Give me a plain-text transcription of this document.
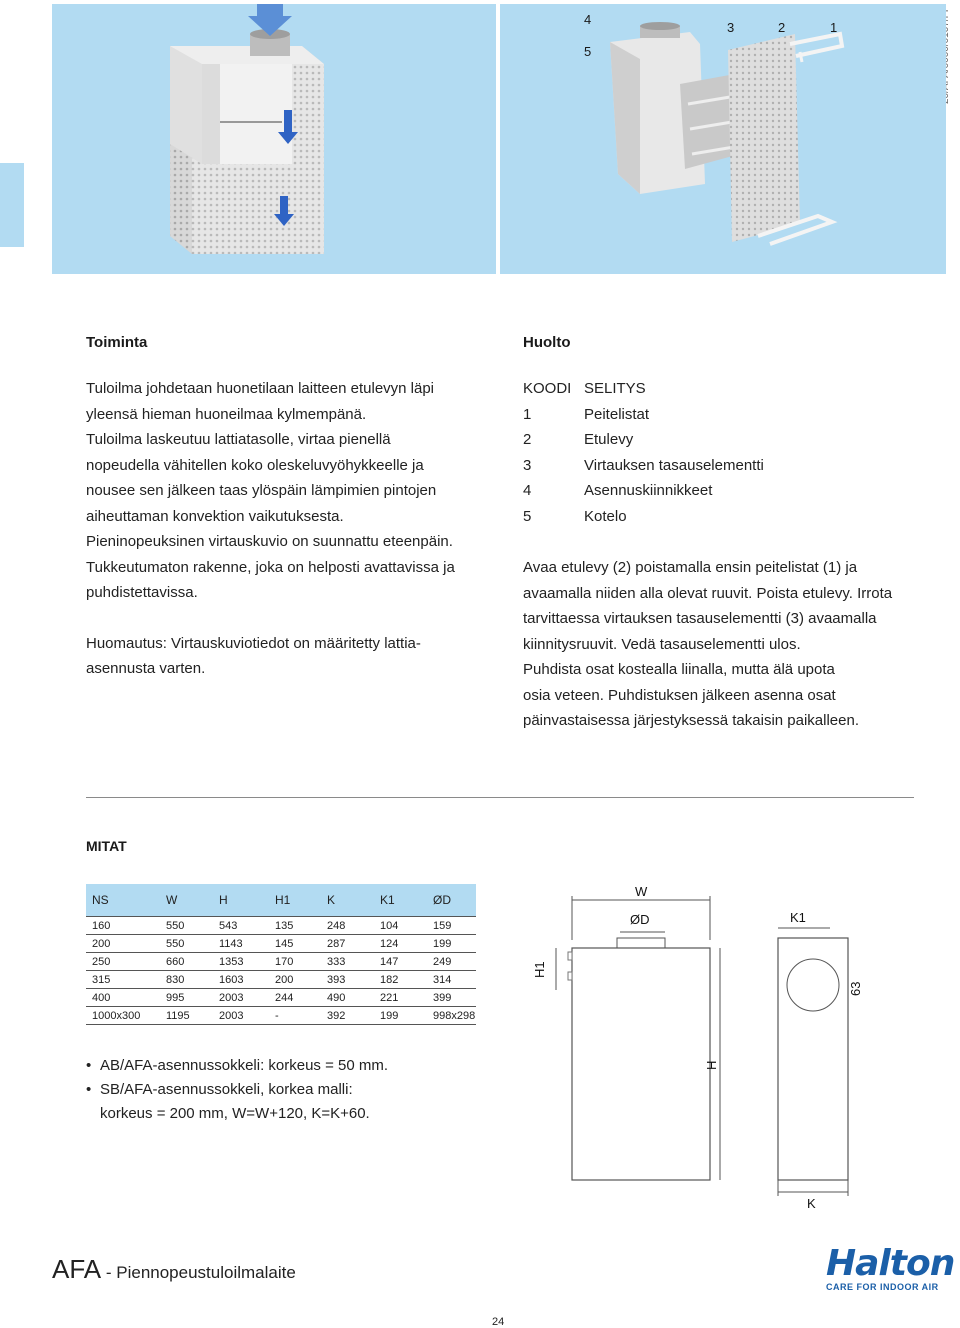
4
5
3	2	1
Toiminta

Tuloilma johdetaan huonetilaan laitteen etulevyn läpi

yleensä hieman huoneilmaa kylmempänä.

Tuloilma laskeutuu lattiatasolle, virtaa pienellä

nopeudella vähitellen koko oleskeluvyöhykkeelle ja

nousee sen jälkeen taas ylöspäin lämpimien pintojen

aiheuttaman konvektion vaikutuksesta.

Pieninopeuksinen virtauskuvio on suunnattu eteenpäin.

Tukkeutumaton rakenne, joka on helposti avattavissa ja

puhdistettavissa.

Huomautus: Virtauskuviotiedot on määritetty lattia-

asennusta varten.

Huolto
KOODI SELITYS
1	Peitelistat
2	Etulevy
3	Virtauksen tasauselementti
4	Asennuskiinnikkeet
5	Kotelo

Avaa etulevy (2) poistamalla ensin peitelistat (1) ja

avaamalla niiden alla olevat ruuvit. Poista etulevy. Irrota

tarvittaessa virtauksen tasauselementti (3) avaamalla

kiinnitysruuvit. Vedä tasauselementti ulos.

Puhdista osat kostealla liinalla, mutta älä upota

osia veteen. Puhdistuksen jälkeen asenna osat

päinvastaisessa järjestyksessä takaisin paikalleen.

MITAT
NS	W	H	H1	K	K1	ØD
160	550	543	135	248	104	159
200	550	1143	145	287	124	199
250	660	1353	170	333	147	249
315	830	1603	200	393	182	314
400	995	2003	244	490	221	399
1000x300	1195	2003	-	392	199	998x298
• AB/AFA-asennussokkeli: korkeus = 50 mm.
• SB/AFA-asennussokkeli, korkea malli:
korkeus = 200 mm, W=W+120, K=K+60.
W
ØD
H1
H
K1
63
K
AFA - Piennopeustuloilmalaite	Halton
CARE FOR INDOOR AIR
24
